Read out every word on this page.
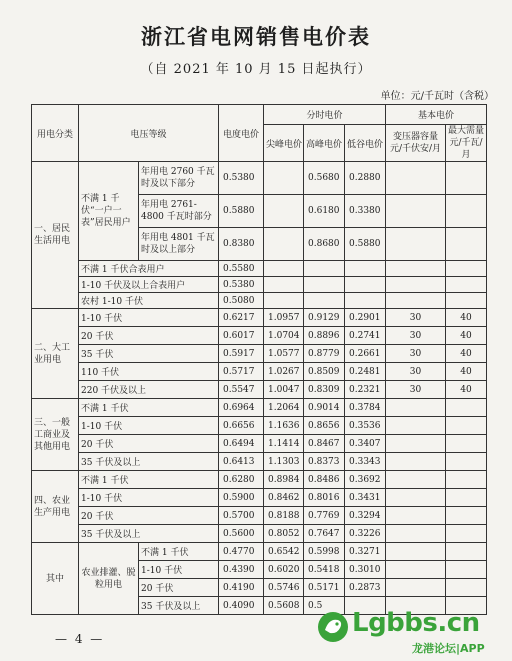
浙江省电网销售电价表
（自 2021 年 10 月 15 日起执行）
单位：元/千瓦时（含税）
用电分类	电压等级		电度电价	分时电价			基本电价	
				尖峰电价	高峰电价	低谷电价	变压器容量 元/千伏安/月	最大需量 元/千瓦/月
一、居民生活用电	不满 1 千伏“一户一表”居民用户	年用电 2760 千瓦时及以下部分	0.5380		0.5680	0.2880		
		年用电 2761-4800 千瓦时部分	0.5880		0.6180	0.3380		
		年用电 4801 千瓦时及以上部分	0.8380		0.8680	0.5880		
	不满 1 千伏合表用户		0.5580					
	1-10 千伏及以上合表用户		0.5380					
	农村 1-10 千伏		0.5080					
二、大工业用电	1-10 千伏		0.6217	1.0957	0.9129	0.2901	30	40
	20 千伏		0.6017	1.0704	0.8896	0.2741	30	40
	35 千伏		0.5917	1.0577	0.8779	0.2661	30	40
	110 千伏		0.5717	1.0267	0.8509	0.2481	30	40
	220 千伏及以上		0.5547	1.0047	0.8309	0.2321	30	40
三、一般工商业及其他用电	不满 1 千伏		0.6964	1.2064	0.9014	0.3784		
	1-10 千伏		0.6656	1.1636	0.8656	0.3536		
	20 千伏		0.6494	1.1414	0.8467	0.3407		
	35 千伏及以上		0.6413	1.1303	0.8373	0.3343		
四、农业生产用电	不满 1 千伏		0.6280	0.8984	0.8486	0.3692		
	1-10 千伏		0.5900	0.8462	0.8016	0.3431		
	20 千伏		0.5700	0.8188	0.7769	0.3294		
	35 千伏及以上		0.5600	0.8052	0.7647	0.3226		
其中	农业排灌、脱粒用电	不满 1 千伏	0.4770	0.6542	0.5998	0.3271		
		1-10 千伏	0.4390	0.6020	0.5418	0.3010		
		20 千伏	0.4190	0.5746	0.5171	0.2873		
		35 千伏及以上	0.4090	0.5608	0.5			
— 4 —
Lgbbs.cn
龙港论坛|APP
